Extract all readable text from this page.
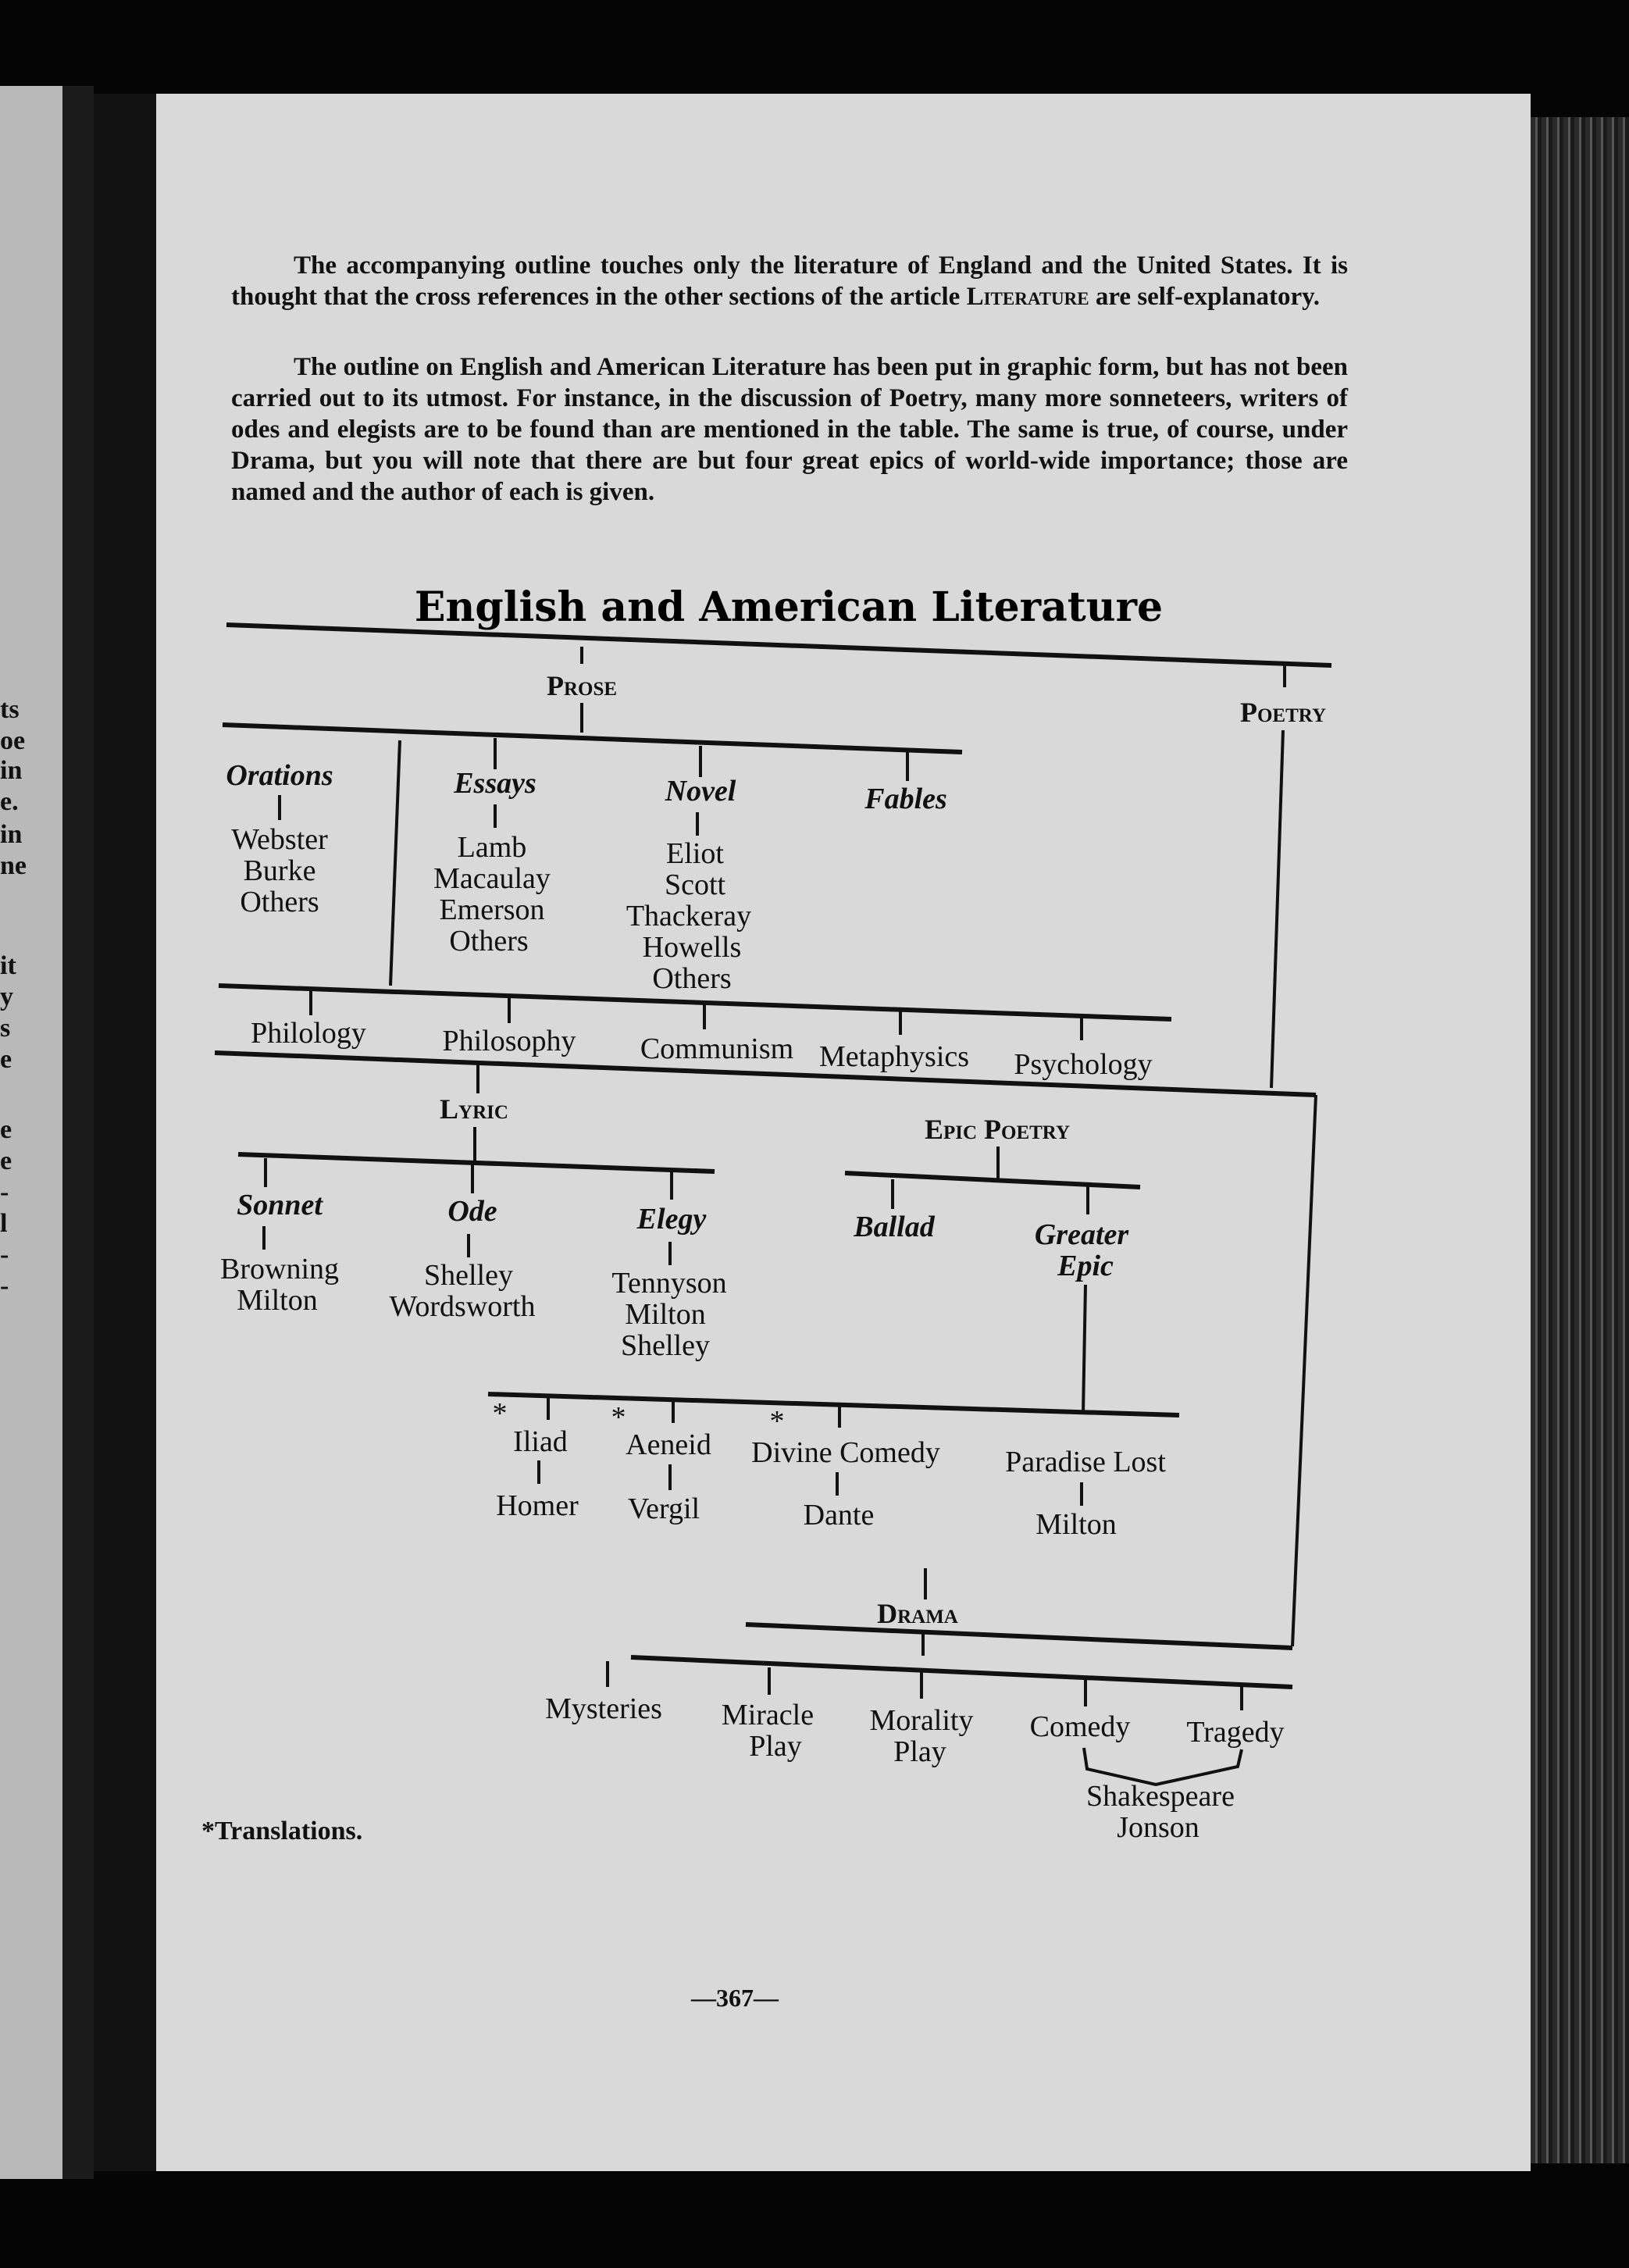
ts
oe
in
e.
in
ne
it
y
s
e
e
e
-
l
-
-

The accompanying outline touches only the literature of England and the United States. It is thought that the cross references in the other sections of the article Literature are self-explanatory.

The outline on English and American Literature has been put in graphic form, but has not been carried out to its utmost. For instance, in the discussion of Poetry, many more sonneteers, writers of odes and elegists are to be found than are mentioned in the table. The same is true, of course, under Drama, but you will note that there are but four great epics of world-wide importance; those are named and the author of each is given.

English and American Literature
Prose
Poetry
Orations
Webster
Burke
Others
Essays
Lamb
Macaulay
Emerson
Others
Novel
Eliot
Scott
Thackeray
Howells
Others
Fables
Philology	Philosophy Communism Metaphysics Psychology
Lyric
Epic Poetry
Sonnet	Ode	Elegy
Browning
Milton
Shelley
Wordsworth
Tennyson
Milton
Shelley
Ballad	Greater
Epic
*	*	*
Iliad Aeneid Divine Comedy Paradise Lost
Homer Vergil	Dante	Milton
Drama
Mysteries Miracle
Play
Morality
Play
Comedy Tragedy
Shakespeare
Jonson
*Translations.
—367—
